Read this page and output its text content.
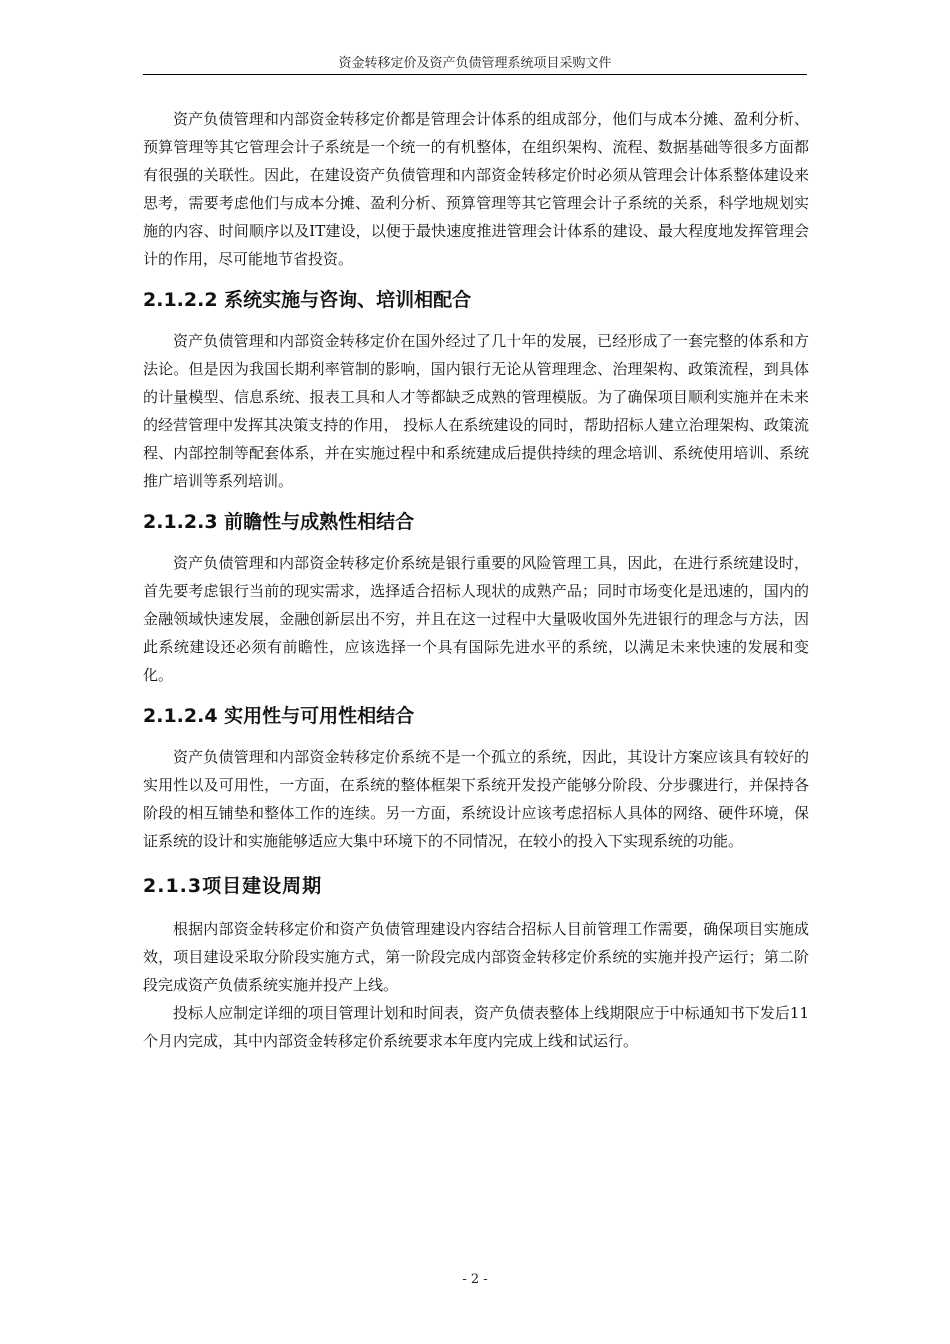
资金转移定价及资产负债管理系统项目采购文件

资产负债管理和内部资金转移定价都是管理会计体系的组成部分，他们与成本分摊、盈利分析、预算管理等其它管理会计子系统是一个统一的有机整体，在组织架构、流程、数据基础等很多方面都有很强的关联性。因此，在建设资产负债管理和内部资金转移定价时必须从管理会计体系整体建设来思考，需要考虑他们与成本分摊、盈利分析、预算管理等其它管理会计子系统的关系，科学地规划实施的内容、时间顺序以及IT建设，以便于最快速度推进管理会计体系的建设、最大程度地发挥管理会计的作用，尽可能地节省投资。

2.1.2.2 系统实施与咨询、培训相配合

资产负债管理和内部资金转移定价在国外经过了几十年的发展，已经形成了一套完整的体系和方法论。但是因为我国长期利率管制的影响，国内银行无论从管理理念、治理架构、政策流程，到具体的计量模型、信息系统、报表工具和人才等都缺乏成熟的管理模版。为了确保项目顺利实施并在未来的经营管理中发挥其决策支持的作用， 投标人在系统建设的同时，帮助招标人建立治理架构、政策流程、内部控制等配套体系，并在实施过程中和系统建成后提供持续的理念培训、系统使用培训、系统推广培训等系列培训。

2.1.2.3 前瞻性与成熟性相结合

资产负债管理和内部资金转移定价系统是银行重要的风险管理工具，因此，在进行系统建设时，首先要考虑银行当前的现实需求，选择适合招标人现状的成熟产品；同时市场变化是迅速的，国内的金融领域快速发展，金融创新层出不穷，并且在这一过程中大量吸收国外先进银行的理念与方法，因此系统建设还必须有前瞻性，应该选择一个具有国际先进水平的系统，以满足未来快速的发展和变化。

2.1.2.4 实用性与可用性相结合

资产负债管理和内部资金转移定价系统不是一个孤立的系统，因此，其设计方案应该具有较好的实用性以及可用性，一方面，在系统的整体框架下系统开发投产能够分阶段、分步骤进行，并保持各阶段的相互铺垫和整体工作的连续。另一方面，系统设计应该考虑招标人具体的网络、硬件环境，保证系统的设计和实施能够适应大集中环境下的不同情况，在较小的投入下实现系统的功能。

2.1.3项目建设周期

根据内部资金转移定价和资产负债管理建设内容结合招标人目前管理工作需要，确保项目实施成效，项目建设采取分阶段实施方式，第一阶段完成内部资金转移定价系统的实施并投产运行；第二阶段完成资产负债系统实施并投产上线。

投标人应制定详细的项目管理计划和时间表，资产负债表整体上线期限应于中标通知书下发后11个月内完成，其中内部资金转移定价系统要求本年度内完成上线和试运行。

- 2 -
